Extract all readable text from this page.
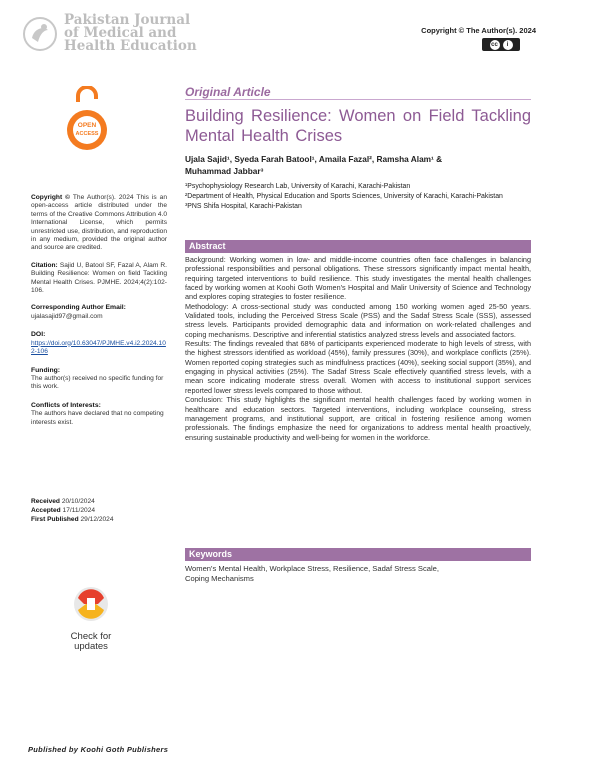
Pakistan Journal
of Medical and
Health Education
Copyright © The Author(s). 2024
cc	i
OPEN
ACCESS
Copyright © The Author(s). 2024 This is an open-access article distributed under the terms of the Creative Commons Attribution 4.0 International License, which permits unrestricted use, distribution, and reproduction in any medium, provided the original author and source are credited.
Citation: Sajid U, Batool SF, Fazal A, Alam R. Building Resilience: Women on field Tackling Mental Health Crises. PJMHE. 2024;4(2):102-106.
Corresponding Author Email:
ujalasajid97@gmail.com
DOI:
https://doi.org/10.63047/PJMHE.v4.i2.2024.102-106
Funding:
The author(s) received no specific funding for this work.
Conflicts of Interests:
The authors have declared that no competing interests exist.
Received 20/10/2024
Accepted 17/11/2024
First Published 29/12/2024
Check for updates
Published by Koohi Goth Publishers
Original Article
Building Resilience: Women on Field Tackling Mental Health Crises
Ujala Sajid¹, Syeda Farah Batool¹, Amaila Fazal², Ramsha Alam¹ &
Muhammad Jabbar³
¹Psychophysiology Research Lab, University of Karachi, Karachi-Pakistan
²Department of Health, Physical Education and Sports Sciences, University of Karachi, Karachi-Pakistan
³PNS Shifa Hospital, Karachi-Pakistan
Abstract

Background: Working women in low- and middle-income countries often face challenges in balancing professional responsibilities and personal obligations. These stressors significantly impact mental health, requiring targeted interventions to build resilience. This study investigates the mental health challenges faced by working women at Koohi Goth Women's Hospital and Malir University of Science and Technology and explores coping strategies to foster resilience.

Methodology: A cross-sectional study was conducted among 150 working women aged 25-50 years. Validated tools, including the Perceived Stress Scale (PSS) and the Sadaf Stress Scale (SSS), assessed stress levels. Participants provided demographic data and information on work-related challenges and coping mechanisms. Descriptive and inferential statistics analyzed stress levels and associated factors.

Results: The findings revealed that 68% of participants experienced moderate to high levels of stress, with the highest stressors identified as workload (45%), family pressures (30%), and workplace conflicts (25%). Women reported coping strategies such as mindfulness practices (40%), seeking social support (35%), and engaging in physical activities (25%). The Sadaf Stress Scale effectively quantified stress levels, with a mean score indicating moderate stress overall. Women with access to institutional support services reported lower stress levels compared to those without.

Conclusion: This study highlights the significant mental health challenges faced by working women in healthcare and education sectors. Targeted interventions, including workplace counseling, stress management programs, and institutional support, are critical in fostering resilience among women professionals. The findings emphasize the need for organizations to address mental health proactively, ensuring sustainable productivity and well-being for women in the workforce.

Keywords
Women's Mental Health, Workplace Stress, Resilience, Sadaf Stress Scale,
Coping Mechanisms
